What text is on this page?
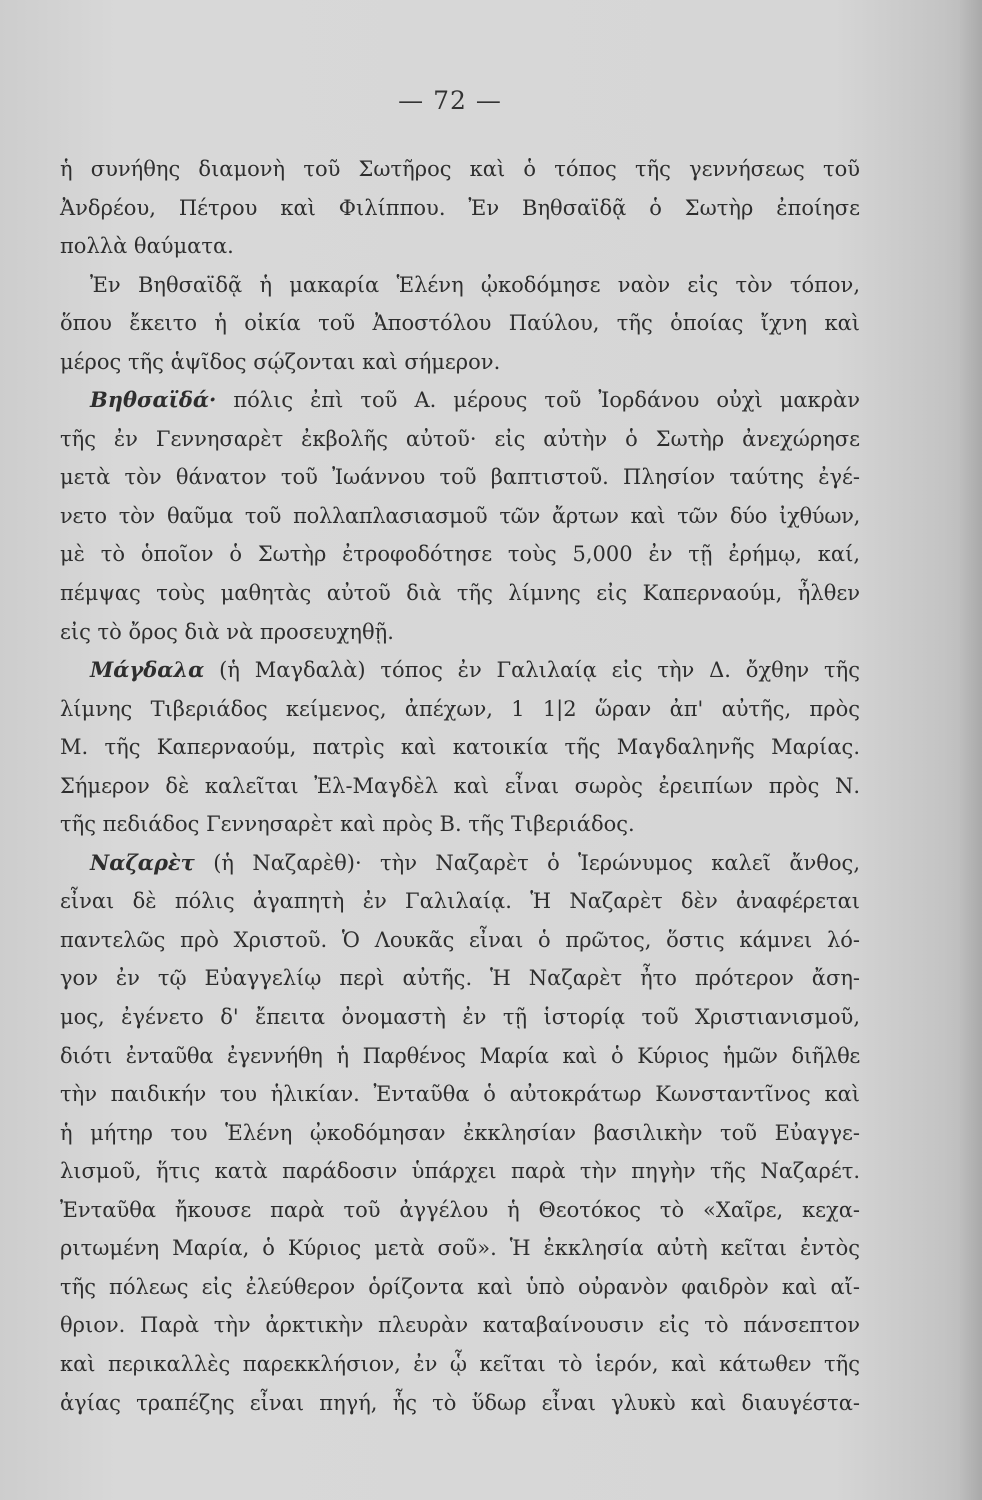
— 72 —
ἡ συνήθης διαμονὴ τοῦ Σωτῆρος καὶ ὁ τόπος τῆς γεννήσεως τοῦ
Ἀνδρέου, Πέτρου καὶ Φιλίππου. Ἐν Βηθσαϊδᾷ ὁ Σωτὴρ ἐποίησε
πολλὰ θαύματα.
Ἐν Βηθσαϊδᾷ ἡ μακαρία Ἑλένη ᾠκοδόμησε ναὸν εἰς τὸν τόπον,
ὅπου ἔκειτο ἡ οἰκία τοῦ Ἀποστόλου Παύλου, τῆς ὁποίας ἴχνη καὶ
μέρος τῆς ἁψῖδος σῴζονται καὶ σήμερον.
Βηθσαϊδά· πόλις ἐπὶ τοῦ Α. μέρους τοῦ Ἰορδάνου οὐχὶ μακρὰν
τῆς ἐν Γεννησαρὲτ ἐκβολῆς αὐτοῦ· εἰς αὐτὴν ὁ Σωτὴρ ἀνεχώρησε
μετὰ τὸν θάνατον τοῦ Ἰωάννου τοῦ βαπτιστοῦ. Πλησίον ταύτης ἐγέ-
νετο τὸν θαῦμα τοῦ πολλαπλασιασμοῦ τῶν ἄρτων καὶ τῶν δύο ἰχθύων,
μὲ τὸ ὁποῖον ὁ Σωτὴρ ἐτροφοδότησε τοὺς 5,000 ἐν τῇ ἐρήμῳ, καί,
πέμψας τοὺς μαθητὰς αὐτοῦ διὰ τῆς λίμνης εἰς Καπερναούμ, ἦλθεν
εἰς τὸ ὄρος διὰ νὰ προσευχηθῇ.
Μάγδαλα (ἡ Μαγδαλὰ) τόπος ἐν Γαλιλαίᾳ εἰς τὴν Δ. ὄχθην τῆς
λίμνης Τιβεριάδος κείμενος, ἀπέχων, 1 1|2 ὥραν ἀπ' αὐτῆς, πρὸς
Μ. τῆς Καπερναούμ, πατρὶς καὶ κατοικία τῆς Μαγδαληνῆς Μαρίας.
Σήμερον δὲ καλεῖται Ἐλ-Μαγδὲλ καὶ εἶναι σωρὸς ἐρειπίων πρὸς Ν.
τῆς πεδιάδος Γεννησαρὲτ καὶ πρὸς Β. τῆς Τιβεριάδος.
Ναζαρὲτ (ἡ Ναζαρὲθ)· τὴν Ναζαρὲτ ὁ Ἱερώνυμος καλεῖ ἄνθος,
εἶναι δὲ πόλις ἀγαπητὴ ἐν Γαλιλαίᾳ. Ἡ Ναζαρὲτ δὲν ἀναφέρεται
παντελῶς πρὸ Χριστοῦ. Ὁ Λουκᾶς εἶναι ὁ πρῶτος, ὅστις κάμνει λό-
γον ἐν τῷ Εὐαγγελίῳ περὶ αὐτῆς. Ἡ Ναζαρὲτ ἦτο πρότερον ἄση-
μος, ἐγένετο δ' ἔπειτα ὀνομαστὴ ἐν τῇ ἱστορίᾳ τοῦ Χριστιανισμοῦ,
διότι ἐνταῦθα ἐγεννήθη ἡ Παρθένος Μαρία καὶ ὁ Κύριος ἡμῶν διῆλθε
τὴν παιδικήν του ἡλικίαν. Ἐνταῦθα ὁ αὐτοκράτωρ Κωνσταντῖνος καὶ
ἡ μήτηρ του Ἑλένη ᾠκοδόμησαν ἐκκλησίαν βασιλικὴν τοῦ Εὐαγγε-
λισμοῦ, ἥτις κατὰ παράδοσιν ὑπάρχει παρὰ τὴν πηγὴν τῆς Ναζαρέτ.
Ἐνταῦθα ἤκουσε παρὰ τοῦ ἀγγέλου ἡ Θεοτόκος τὸ «Χαῖρε, κεχα-
ριτωμένη Μαρία, ὁ Κύριος μετὰ σοῦ». Ἡ ἐκκλησία αὐτὴ κεῖται ἐντὸς
τῆς πόλεως εἰς ἐλεύθερον ὁρίζοντα καὶ ὑπὸ οὐρανὸν φαιδρὸν καὶ αἴ-
θριον. Παρὰ τὴν ἀρκτικὴν πλευρὰν καταβαίνουσιν εἰς τὸ πάνσεπτον
καὶ περικαλλὲς παρεκκλήσιον, ἐν ᾧ κεῖται τὸ ἱερόν, καὶ κάτωθεν τῆς
ἁγίας τραπέζης εἶναι πηγή, ἧς τὸ ὕδωρ εἶναι γλυκὺ καὶ διαυγέστα-
